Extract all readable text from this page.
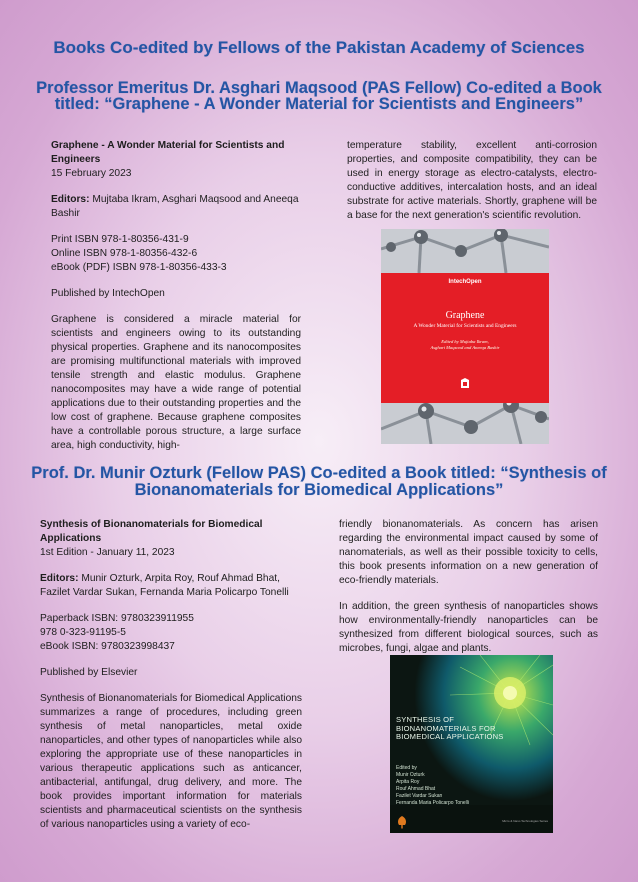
Books Co-edited by Fellows of the Pakistan Academy of Sciences
Professor Emeritus Dr. Asghari Maqsood (PAS Fellow) Co-edited a Book titled: “Graphene - A Wonder Material for Scientists and Engineers”

Graphene - A Wonder Material for Scientists and Engineers
15 February 2023

Editors: Mujtaba Ikram, Asghari Maqsood and Aneeqa Bashir

Print ISBN 978-1-80356-431-9
Online ISBN 978-1-80356-432-6
eBook (PDF) ISBN 978-1-80356-433-3

Published by IntechOpen

Graphene is considered a miracle material for scientists and engineers owing to its outstanding physical properties. Graphene and its nanocomposites are promising multifunctional materials with improved tensile strength and elastic modulus. Graphene nanocomposites may have a wide range of potential applications due to their outstanding properties and the low cost of graphene. Because graphene composites have a controllable porous structure, a large surface area, high conductivity, high-

temperature stability, excellent anti-corrosion properties, and composite compatibility, they can be used in energy storage as electro-catalysts, electro-conductive additives, intercalation hosts, and an ideal substrate for active materials. Shortly, graphene will be a base for the next generation's scientific revolution.

IntechOpen
Graphene
A Wonder Material for Scientists and Engineers
Edited by Mujtaba Ikram,
Asghari Maqsood and Aneeqa Bashir
Prof. Dr. Munir Ozturk (Fellow PAS) Co-edited a Book titled: “Synthesis of Bionanomaterials for Biomedical Applications”

Synthesis of Bionanomaterials for Biomedical Applications
1st Edition - January 11, 2023

Editors: Munir Ozturk, Arpita Roy, Rouf Ahmad Bhat, Fazilet Vardar Sukan, Fernanda Maria Policarpo Tonelli

Paperback ISBN: 9780323911955
978 0-323-91195-5
eBook ISBN: 9780323998437

Published by Elsevier

Synthesis of Bionanomaterials for Biomedical Applications summarizes a range of procedures, including green synthesis of metal nanoparticles, metal oxide nanoparticles, and other types of nanoparticles while also exploring the appropriate use of these nanoparticles in various therapeutic applications such as anticancer, antibacterial, antifungal, drug delivery, and more. The book provides important information for materials scientists and pharmaceutical scientists on the synthesis of various nanoparticles using a variety of eco-

friendly bionanomaterials. As concern has arisen regarding the environmental impact caused by some of nanomaterials, as well as their possible toxicity to cells, this book presents information on a new generation of eco-friendly materials.

In addition, the green synthesis of nanoparticles shows how environmentally-friendly nanoparticles can be synthesized from different biological sources, such as microbes, fungi, algae and plants.

SYNTHESIS OF
BIONANOMATERIALS FOR
BIOMEDICAL APPLICATIONS
Edited by
Munir Ozturk
Arpita Roy
Rouf Ahmad Bhat
Fazilet Vardar Sukan
Fernanda Maria Policarpo Tonelli
Micro & Nano Technologies Series
